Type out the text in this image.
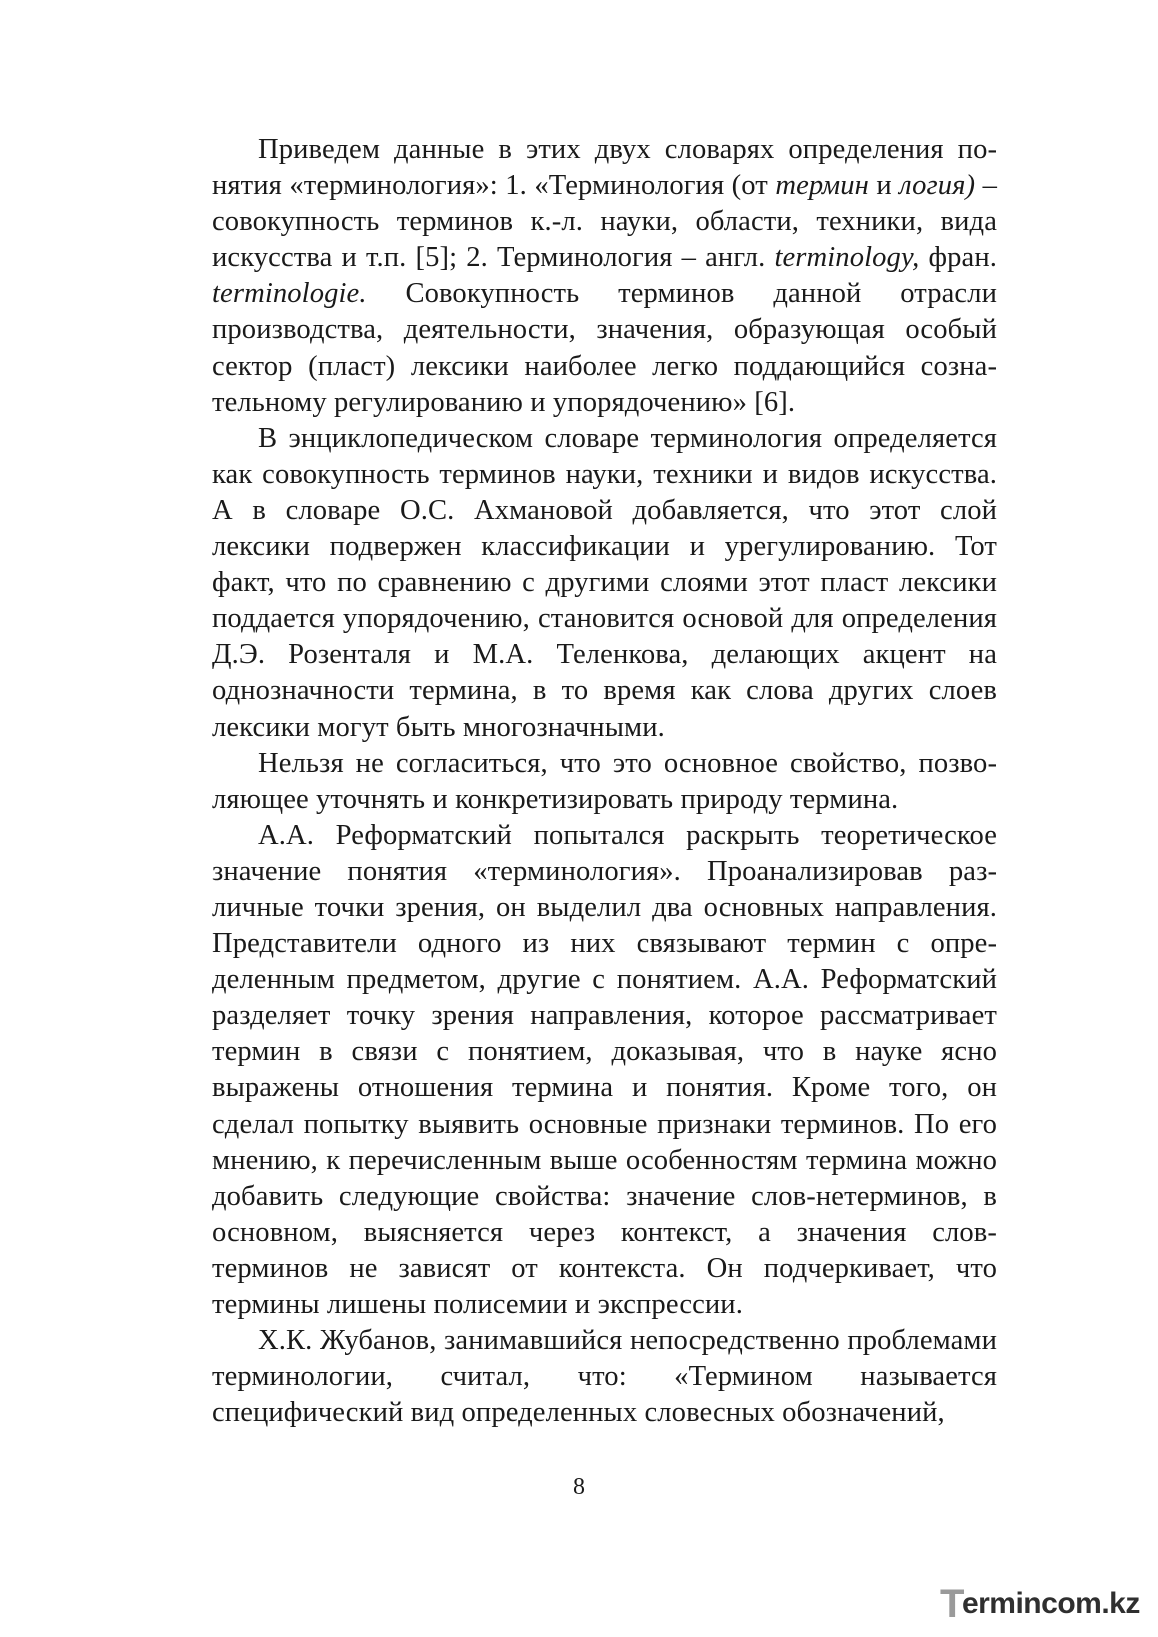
Приведем данные в этих двух словарях определения понятия «терминология»: 1. «Терминология (от термин и логия) – совокупность терминов к.-л. науки, области, техники, вида искусства и т.п. [5]; 2. Терминология – англ. terminology, фран. terminologie. Совокупность терминов данной отрасли производства, деятельности, значения, образующая особый сектор (пласт) лексики наиболее легко поддающийся сознательному регулированию и упорядочению» [6].

В энциклопедическом словаре терминология определяется как совокупность терминов науки, техники и видов искусства. А в словаре О.С. Ахмановой добавляется, что этот слой лексики подвержен классификации и урегулированию. Тот факт, что по сравнению с другими слоями этот пласт лексики поддается упорядочению, становится основой для определения Д.Э. Розенталя и М.А. Теленкова, делающих акцент на однозначности термина, в то время как слова других слоев лексики могут быть многозначными.

Нельзя не согласиться, что это основное свойство, позволяющее уточнять и конкретизировать природу термина.

А.А. Реформатский попытался раскрыть теоретическое значение понятия «терминология». Проанализировав различные точки зрения, он выделил два основных направления. Представители одного из них связывают термин с определенным предметом, другие с понятием. А.А. Реформатский разделяет точку зрения направления, которое рассматривает термин в связи с понятием, доказывая, что в науке ясно выражены отношения термина и понятия. Кроме того, он сделал попытку выявить основные признаки терминов. По его мнению, к перечисленным выше особенностям термина можно добавить следующие свойства: значение слов-нетерминов, в основном, выясняется через контекст, а значения слов-терминов не зависят от контекста. Он подчеркивает, что термины лишены полисемии и экспрессии.

Х.К. Жубанов, занимавшийся непосредственно проблемами терминологии, считал, что: «Термином называется специфический вид определенных словесных обозначений,

8
T
ermincom.kz
